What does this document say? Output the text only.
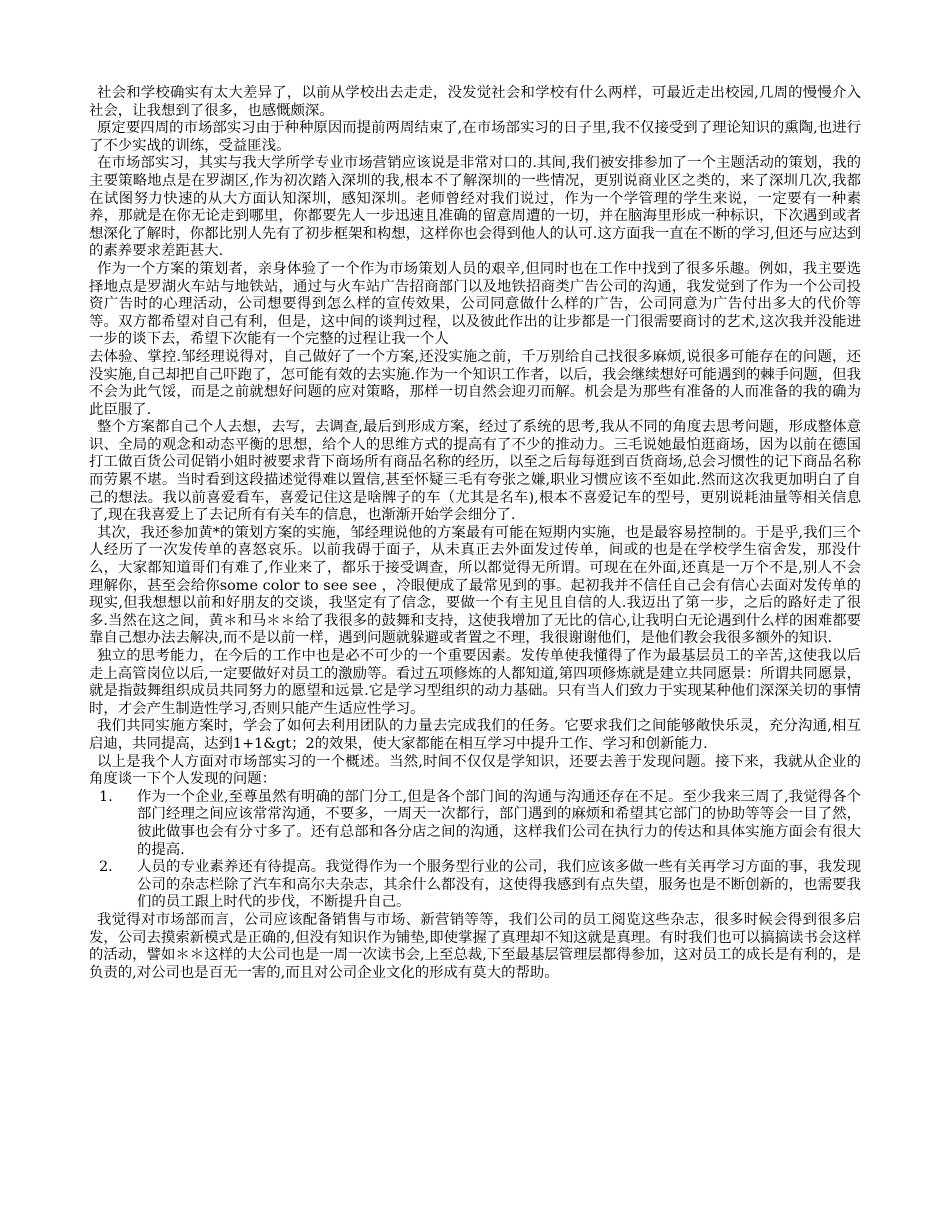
社会和学校确实有太大差异了，以前从学校出去走走，没发觉社会和学校有什么两样，可最近走出校园,几周的慢慢介入社会，让我想到了很多，也感慨颇深。

原定要四周的市场部实习由于种种原因而提前两周结束了,在市场部实习的日子里,我不仅接受到了理论知识的熏陶,也进行了不少实战的训练，受益匪浅。

在市场部实习，其实与我大学所学专业市场营销应该说是非常对口的.其间,我们被安排参加了一个主题活动的策划，我的主要策略地点是在罗湖区,作为初次踏入深圳的我,根本不了解深圳的一些情况，更别说商业区之类的，来了深圳几次,我都在试图努力快速的从大方面认知深圳，感知深圳。老师曾经对我们说过，作为一个学管理的学生来说，一定要有一种素养，那就是在你无论走到哪里，你都要先人一步迅速且准确的留意周遭的一切，并在脑海里形成一种标识，下次遇到或者想深化了解时，你都比别人先有了初步框架和构想，这样你也会得到他人的认可.这方面我一直在不断的学习,但还与应达到的素养要求差距甚大.

作为一个方案的策划者，亲身体验了一个作为市场策划人员的艰辛,但同时也在工作中找到了很多乐趣。例如，我主要选择地点是罗湖火车站与地铁站，通过与火车站广告招商部门以及地铁招商类广告公司的沟通，我发觉到了作为一个公司投资广告时的心理活动，公司想要得到怎么样的宣传效果，公司同意做什么样的广告，公司同意为广告付出多大的代价等等。双方都希望对自己有利，但是，这中间的谈判过程，以及彼此作出的让步都是一门很需要商讨的艺术,这次我并没能进一步的谈下去，希望下次能有一个完整的过程让我一个人

去体验、掌控.邹经理说得对，自己做好了一个方案,还没实施之前，千万别给自己找很多麻烦,说很多可能存在的问题，还没实施,自己却把自己吓跑了，怎可能有效的去实施.作为一个知识工作者，以后，我会继续想好可能遇到的棘手问题，但我不会为此气馁，而是之前就想好问题的应对策略，那样一切自然会迎刃而解。机会是为那些有准备的人而准备的我的确为此臣服了.

整个方案都自己个人去想，去写，去调查,最后到形成方案，经过了系统的思考,我从不同的角度去思考问题，形成整体意识、全局的观念和动态平衡的思想，给个人的思维方式的提高有了不少的推动力。三毛说她最怕逛商场，因为以前在德国打工做百货公司促销小姐时被要求背下商场所有商品名称的经历，以至之后每每逛到百货商场,总会习惯性的记下商品名称而劳累不堪。当时看到这段描述觉得难以置信,甚至怀疑三毛有夸张之嫌,职业习惯应该不至如此.然而这次我更加明白了自己的想法。我以前喜爱看车，喜爱记住这是啥牌子的车（尤其是名车),根本不喜爱记车的型号，更别说耗油量等相关信息了,现在我喜爱上了去记所有有关车的信息，也渐渐开始学会细分了.

其次，我还参加黄*的策划方案的实施，邹经理说他的方案最有可能在短期内实施，也是最容易控制的。于是乎,我们三个人经历了一次发传单的喜怒哀乐。以前我碍于面子，从未真正去外面发过传单，间或的也是在学校学生宿舍发，那没什么，大家都知道哥们有难了,作业来了，都乐于接受调查，所以都觉得无所谓。可现在在外面,还真是一万个不是,别人不会理解你，甚至会给你some color to see see ，冷眼便成了最常见到的事。起初我并不信任自己会有信心去面对发传单的现实,但我想想以前和好朋友的交谈，我坚定有了信念，要做一个有主见且自信的人.我迈出了第一步，之后的路好走了很多.当然在这之间，黄＊和马＊＊给了我很多的鼓舞和支持，这使我增加了无比的信心,让我明白无论遇到什么样的困难都要靠自己想办法去解决,而不是以前一样，遇到问题就躲避或者置之不理，我很谢谢他们，是他们教会我很多额外的知识.

独立的思考能力，在今后的工作中也是必不可少的一个重要因素。发传单使我懂得了作为最基层员工的辛苦,这使我以后走上高管岗位以后,一定要做好对员工的激励等。看过五项修炼的人都知道,第四项修炼就是建立共同愿景：所谓共同愿景，就是指鼓舞组织成员共同努力的愿望和远景.它是学习型组织的动力基础。只有当人们致力于实现某种他们深深关切的事情时，才会产生制造性学习,否则只能产生适应性学习。

我们共同实施方案时，学会了如何去利用团队的力量去完成我们的任务。它要求我们之间能够敞快乐灵，充分沟通,相互启迪，共同提高，达到1+1&gt；2的效果，使大家都能在相互学习中提升工作、学习和创新能力.

以上是我个人方面对市场部实习的一个概述。当然,时间不仅仅是学知识，还要去善于发现问题。接下来，我就从企业的角度谈一下个人发现的问题：

1.	作为一个企业,至尊虽然有明确的部门分工,但是各个部门间的沟通与沟通还存在不足。至少我来三周了,我觉得各个部门经理之间应该常常沟通，不要多，一周天一次都行，部门遇到的麻烦和希望其它部门的协助等等会一目了然，彼此做事也会有分寸多了。还有总部和各分店之间的沟通，这样我们公司在执行力的传达和具体实施方面会有很大的提高.

2.	人员的专业素养还有待提高。我觉得作为一个服务型行业的公司，我们应该多做一些有关再学习方面的事，我发现公司的杂志栏除了汽车和高尔夫杂志，其余什么都没有，这使得我感到有点失望，服务也是不断创新的，也需要我们的员工跟上时代的步伐，不断提升自己。

我觉得对市场部而言，公司应该配备销售与市场、新营销等等，我们公司的员工阅览这些杂志，很多时候会得到很多启发，公司去摸索新模式是正确的,但没有知识作为铺垫,即使掌握了真理却不知这就是真理。有时我们也可以搞搞读书会这样的活动，譬如＊＊这样的大公司也是一周一次读书会,上至总裁,下至最基层管理层都得参加，这对员工的成长是有利的，是负责的,对公司也是百无一害的,而且对公司企业文化的形成有莫大的帮助。
